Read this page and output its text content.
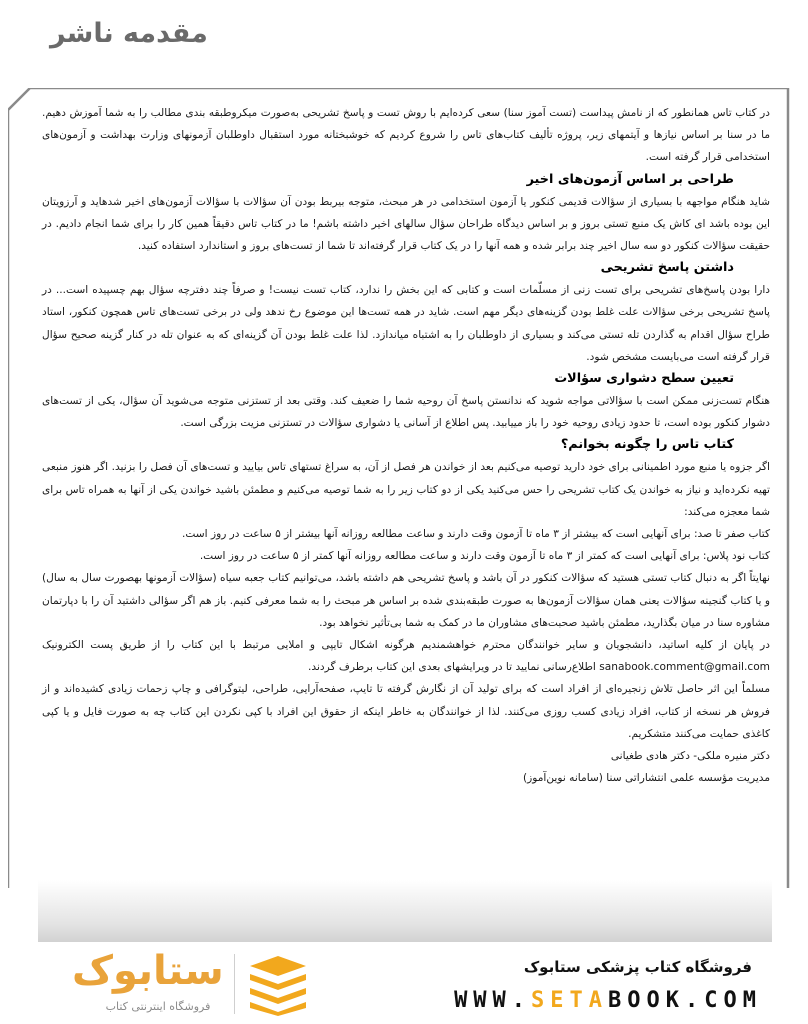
مقدمه ناشر

در کتاب تاس همانطور که از نامش پیداست (تست آموز سنا) سعی کرده‌ایم با روش تست و پاسخ تشریحی به‌صورت میکروطبقه بندی مطالب را به شما آموزش دهیم. ما در سنا بر اساس نیازها و آیتمهای زیر، پروژه تألیف کتاب‌های تاس را شروع کردیم که خوشبختانه مورد استقبال داوطلبان آزمونهای وزارت بهداشت و آزمون‌های استخدامی قرار گرفته است.

طراحی بر اساس آزمون‌های اخیر

شاید هنگام مواجهه با بسیاری از سؤالات قدیمی کنکور یا آزمون استخدامی در هر مبحث، متوجه بیربط بودن آن سؤالات با سؤالات آزمون‌های اخیر شدهاید و آرزویتان این بوده باشد ای کاش یک منبع تستی بروز و بر اساس دیدگاه طراحان سؤال سالهای اخیر داشته باشم! ما در کتاب تاس دقیقاً همین کار را برای شما انجام دادیم. در حقیقت سؤالات کنکور دو سه سال اخیر چند برابر شده و همه آنها را در یک کتاب قرار گرفته‌اند تا شما از تست‌های بروز و استاندارد استفاده کنید.

داشتن پاسخ تشریحی

دارا بودن پاسخ‌های تشریحی برای تست زنی از مسلّمات است و کتابی که این بخش را ندارد، کتاب تست نیست! و صرفاً چند دفترچه سؤال بهم چسپیده است... در پاسخ تشریحی برخی سؤالات علت غلط بودن گزینه‌های دیگر مهم است. شاید در همه تست‌ها این موضوع رخ ندهد ولی در برخی تست‌های تاس همچون کنکور، استاد طراح سؤال اقدام به گذاردن تله تستی می‌کند و بسیاری از داوطلبان را به اشتباه میاندازد. لذا علت غلط بودن آن گزینه‌ای که به عنوان تله در کنار گزینه صحیح سؤال قرار گرفته است می‌بایست مشخص شود.

تعیین سطح دشواری سؤالات

هنگام تست‌زنی ممکن است با سؤالاتی مواجه شوید که ندانستن پاسخ آن روحیه شما را ضعیف کند. وقتی بعد از تستزنی متوجه می‌شوید آن سؤال، یکی از تست‌های دشوار کنکور بوده است، تا حدود زیادی روحیه خود را باز مییابید. پس اطلاع از آسانی یا دشواری سؤالات در تستزنی مزیت بزرگی است.

کتاب تاس را چگونه بخوانم؟

اگر جزوه یا منبع مورد اطمینانی برای خود دارید توصیه می‌کنیم بعد از خواندن هر فصل از آن، به سراغ تستهای تاس بیایید و تست‌های آن فصل را بزنید. اگر هنوز منبعی تهیه نکرده‌اید و نیاز به خواندن یک کتاب تشریحی را حس می‌کنید یکی از دو کتاب زیر را به شما توصیه می‌کنیم و مطمئن باشید خواندن یکی از آنها به همراه تاس برای شما معجزه می‌کند:

کتاب صفر تا صد: برای آنهایی است که بیشتر از ۳ ماه تا آزمون وقت دارند و ساعت مطالعه روزانه آنها بیشتر از ۵ ساعت در روز است.

کتاب نود پلاس: برای آنهایی است که کمتر از ۳ ماه تا آزمون وقت دارند و ساعت مطالعه روزانه آنها کمتر از ۵ ساعت در روز است.

نهایتاً اگر به دنبال کتاب تستی هستید که سؤالات کنکور در آن باشد و پاسخ تشریحی هم داشته باشد، می‌توانیم کتاب جعبه سیاه (سؤالات آزمونها بهصورت سال به سال) و یا کتاب گنجینه سؤالات یعنی همان سؤالات آزمون‌ها به صورت طبقه‌بندی شده بر اساس هر مبحث را به شما معرفی کنیم. باز هم اگر سؤالی داشتید آن را با دپارتمان مشاوره سنا در میان بگذارید، مطمئن باشید صحبت‌های مشاوران ما در کمک به شما بی‌تأثیر نخواهد بود.

در پایان از کلیه اساتید، دانشجویان و سایر خوانندگان محترم خواهشمندیم هرگونه اشکال تایپی و املایی مرتبط با این کتاب را از طریق پست الکترونیک sanabook.comment@gmail.com اطلاع‌رسانی نمایید تا در ویرایشهای بعدی این کتاب برطرف گردند.

مسلماً این اثر حاصل تلاش زنجیره‌ای از افراد است که برای تولید آن از نگارش گرفته تا تایپ، صفحه‌آرایی، طراحی، لیتوگرافی و چاپ زحمات زیادی کشیده‌اند و از فروش هر نسخه از کتاب، افراد زیادی کسب روزی می‌کنند. لذا از خوانندگان به خاطر اینکه از حقوق این افراد با کپی نکردن این کتاب چه به صورت فایل و یا کپی کاغذی حمایت می‌کنند متشکریم.

دکتر منیره ملکی- دکتر هادی طغیانی

مدیریت مؤسسه علمی انتشاراتی سنا (سامانه نوین‌آموز)

ستابوک
فروشگاه اینترنتی کتاب
فروشگاه کتاب پزشکی ستابوک
WWW.SETABOOK.COM
